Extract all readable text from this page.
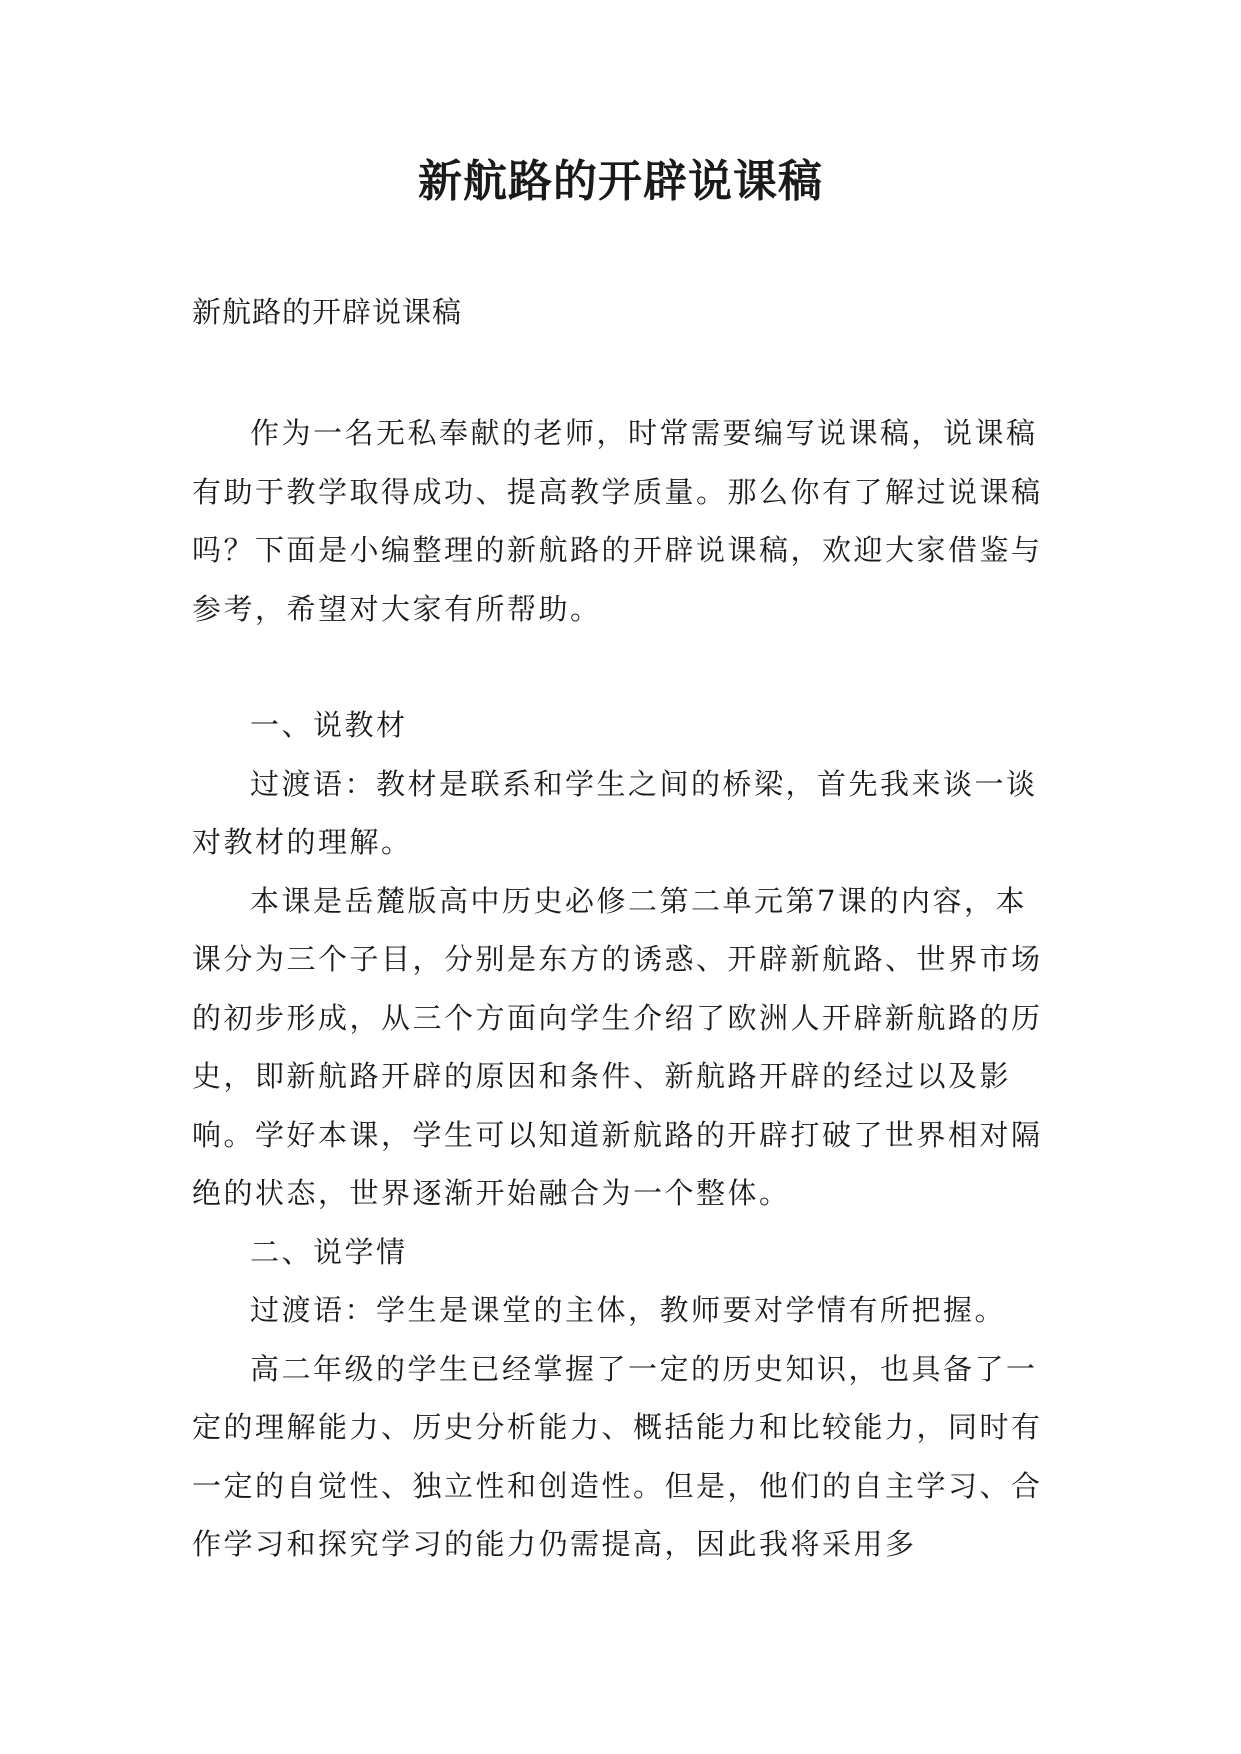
新航路的开辟说课稿
新航路的开辟说课稿

作为一名无私奉献的老师，时常需要编写说课稿，说课稿有助于教学取得成功、提高教学质量。那么你有了解过说课稿吗？下面是小编整理的新航路的开辟说课稿，欢迎大家借鉴与参考，希望对大家有所帮助。

一、说教材

过渡语：教材是联系和学生之间的桥梁，首先我来谈一谈对教材的理解。

本课是岳麓版高中历史必修二第二单元第7课的内容，本课分为三个子目，分别是东方的诱惑、开辟新航路、世界市场的初步形成，从三个方面向学生介绍了欧洲人开辟新航路的历史，即新航路开辟的原因和条件、新航路开辟的经过以及影响。学好本课，学生可以知道新航路的开辟打破了世界相对隔绝的状态，世界逐渐开始融合为一个整体。

二、说学情

过渡语：学生是课堂的主体，教师要对学情有所把握。

高二年级的学生已经掌握了一定的历史知识，也具备了一定的理解能力、历史分析能力、概括能力和比较能力，同时有一定的自觉性、独立性和创造性。但是，他们的自主学习、合作学习和探究学习的能力仍需提高，因此我将采用多
